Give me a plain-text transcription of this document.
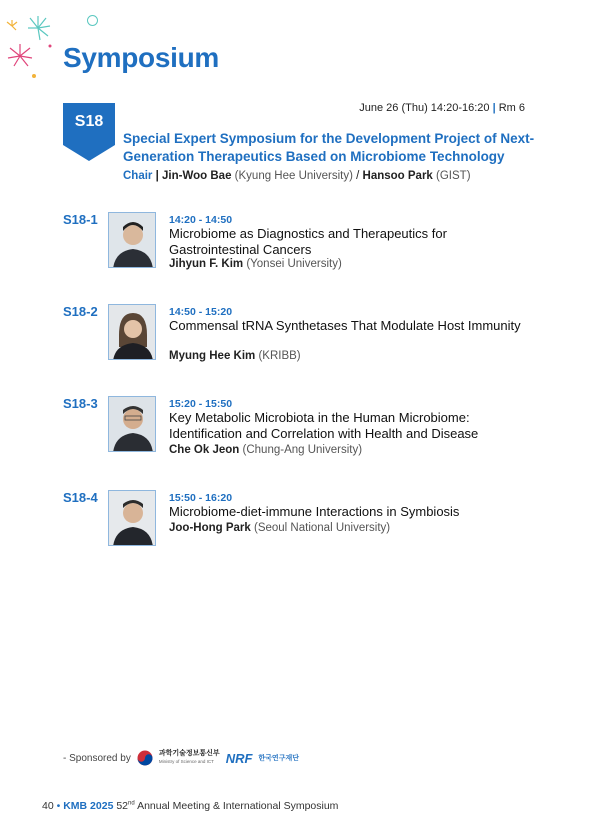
Symposium
June 26 (Thu) 14:20-16:20 | Rm 6
S18
Special Expert Symposium for the Development Project of Next-Generation Therapeutics Based on Microbiome Technology
Chair | Jin-Woo Bae (Kyung Hee University) / Hansoo Park (GIST)
S18-1	14:20 - 14:50
Microbiome as Diagnostics and Therapeutics for Gastrointestinal Cancers
Jihyun F. Kim (Yonsei University)
S18-2	14:50 - 15:20
Commensal tRNA Synthetases That Modulate Host Immunity
Myung Hee Kim (KRIBB)
S18-3	15:20 - 15:50
Key Metabolic Microbiota in the Human Microbiome: Identification and Correlation with Health and Disease
Che Ok Jeon (Chung-Ang University)
S18-4	15:50 - 16:20
Microbiome-diet-immune Interactions in Symbiosis
Joo-Hong Park (Seoul National University)
- Sponsored by	과학기술정보통신부
Ministry of Science and ICT NRF 한국연구재단
40 • KMB 2025 52nd Annual Meeting & International Symposium
